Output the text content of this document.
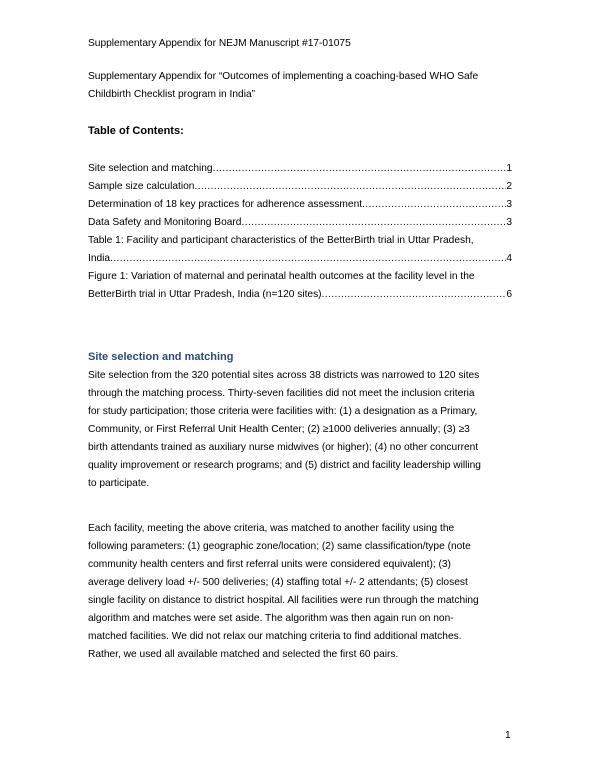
Supplementary Appendix for NEJM Manuscript #17-01075
Supplementary Appendix for “Outcomes of implementing a coaching-based WHO Safe
Childbirth Checklist program in India”
Table of Contents:
Site selection and matching .....	1
Sample size calculation .....	2
Determination of 18 key practices for adherence assessment .....	3
Data Safety and Monitoring Board .....	3
Table 1: Facility and participant characteristics of the BetterBirth trial in Uttar Pradesh,
India .....	4
Figure 1: Variation of maternal and perinatal health outcomes at the facility level in the
BetterBirth trial in Uttar Pradesh, India (n=120 sites) .....	6
Site selection and matching
Site selection from the 320 potential sites across 38 districts was narrowed to 120 sites
through the matching process. Thirty-seven facilities did not meet the inclusion criteria
for study participation; those criteria were facilities with: (1) a designation as a Primary,
Community, or First Referral Unit Health Center; (2) ≥1000 deliveries annually; (3) ≥3
birth attendants trained as auxiliary nurse midwives (or higher); (4) no other concurrent
quality improvement or research programs; and (5) district and facility leadership willing
to participate.
Each facility, meeting the above criteria, was matched to another facility using the
following parameters: (1) geographic zone/location; (2) same classification/type (note
community health centers and first referral units were considered equivalent); (3)
average delivery load +/- 500 deliveries; (4) staffing total +/- 2 attendants; (5) closest
single facility on distance to district hospital. All facilities were run through the matching
algorithm and matches were set aside. The algorithm was then again run on non-
matched facilities. We did not relax our matching criteria to find additional matches.
Rather, we used all available matched and selected the first 60 pairs.
1
